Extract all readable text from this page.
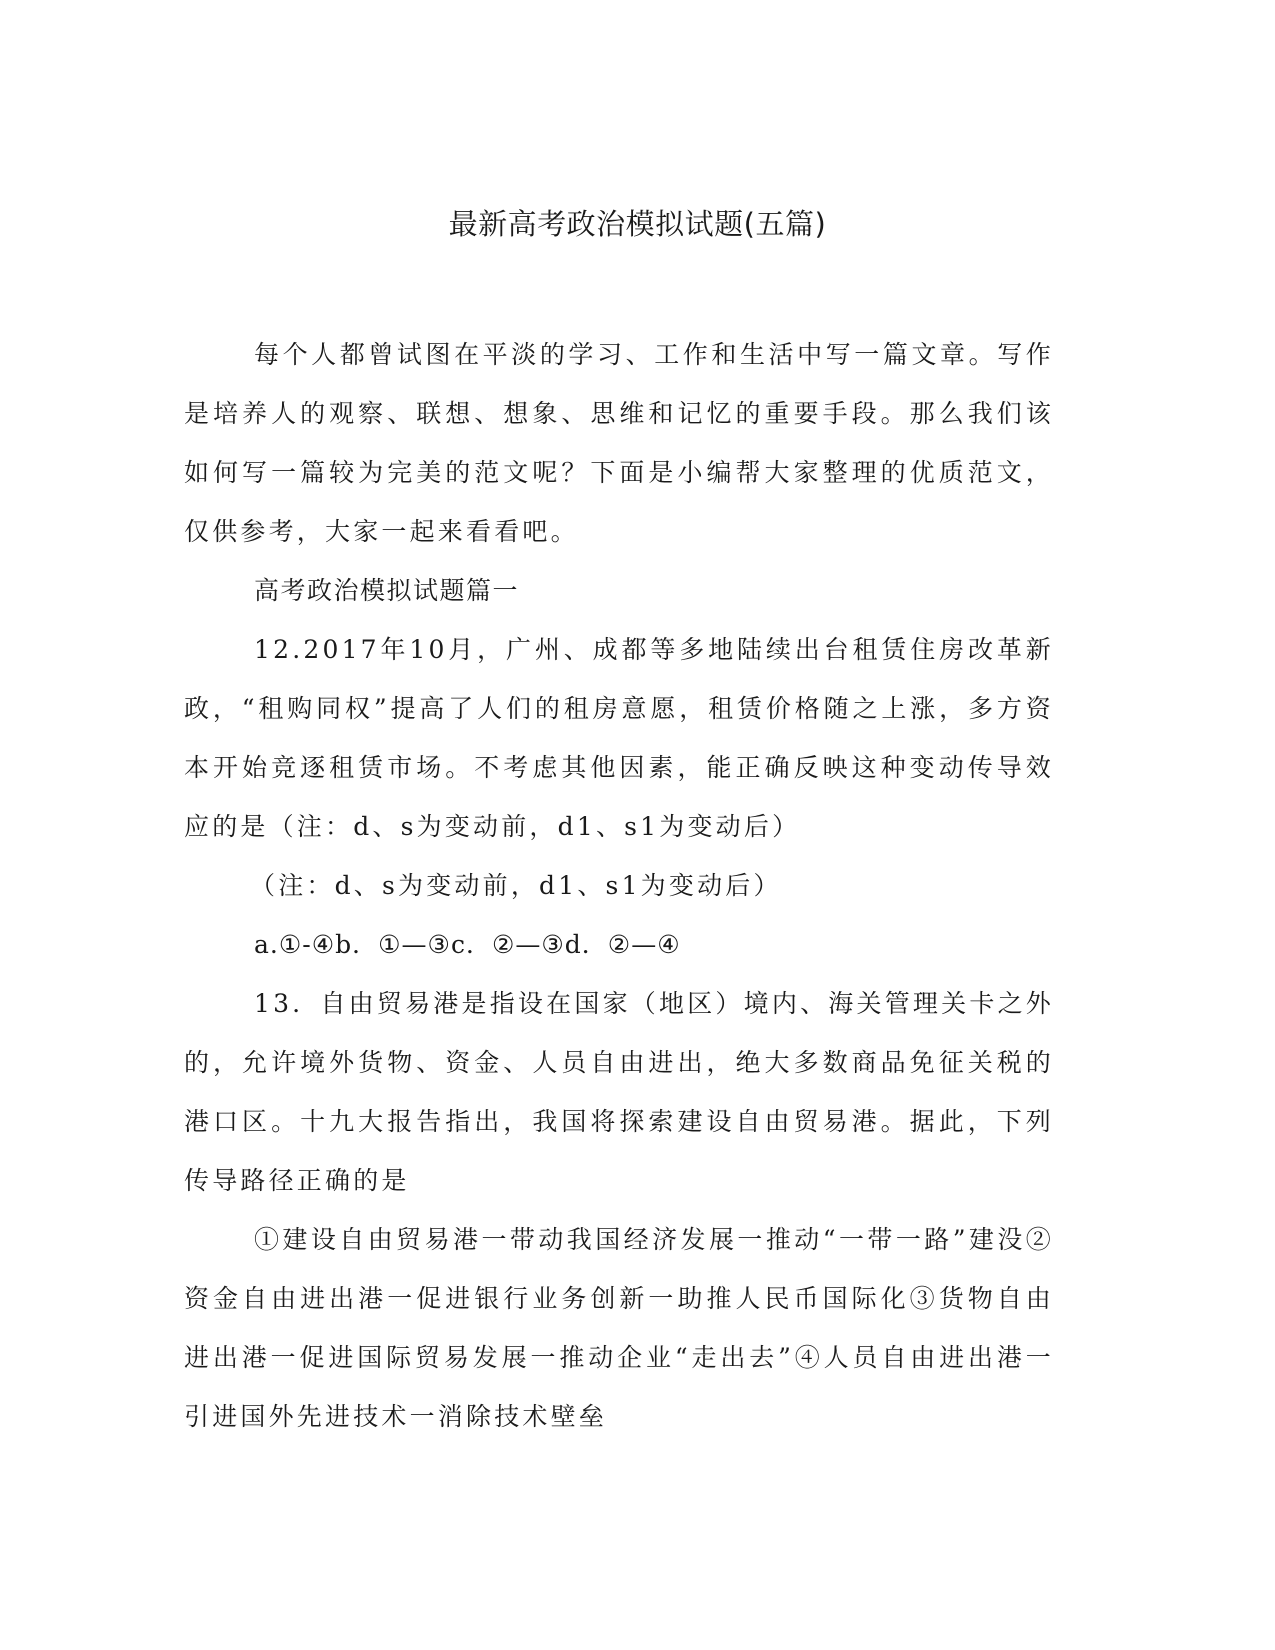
最新高考政治模拟试题(五篇)

每个人都曾试图在平淡的学习、工作和生活中写一篇文章。写作是培养人的观察、联想、想象、思维和记忆的重要手段。那么我们该如何写一篇较为完美的范文呢？下面是小编帮大家整理的优质范文，仅供参考，大家一起来看看吧。

高考政治模拟试题篇一

12.2017年10月，广州、成都等多地陆续出台租赁住房改革新政，“租购同权”提高了人们的租房意愿，租赁价格随之上涨，多方资本开始竞逐租赁市场。不考虑其他因素，能正确反映这种变动传导效应的是（注：d、s为变动前，d1、s1为变动后）

（注：d、s为变动前，d1、s1为变动后）

a.①-④b．①—③c．②—③d．②—④

13．自由贸易港是指设在国家（地区）境内、海关管理关卡之外的，允许境外货物、资金、人员自由进出，绝大多数商品免征关税的港口区。十九大报告指出，我国将探索建设自由贸易港。据此，下列传导路径正确的是

①建设自由贸易港一带动我国经济发展一推动“一带一路”建没②资金自由进出港一促进银行业务创新一助推人民币国际化③货物自由进出港一促进国际贸易发展一推动企业“走出去”④人员自由进出港一引进国外先进技术一消除技术壁垒
